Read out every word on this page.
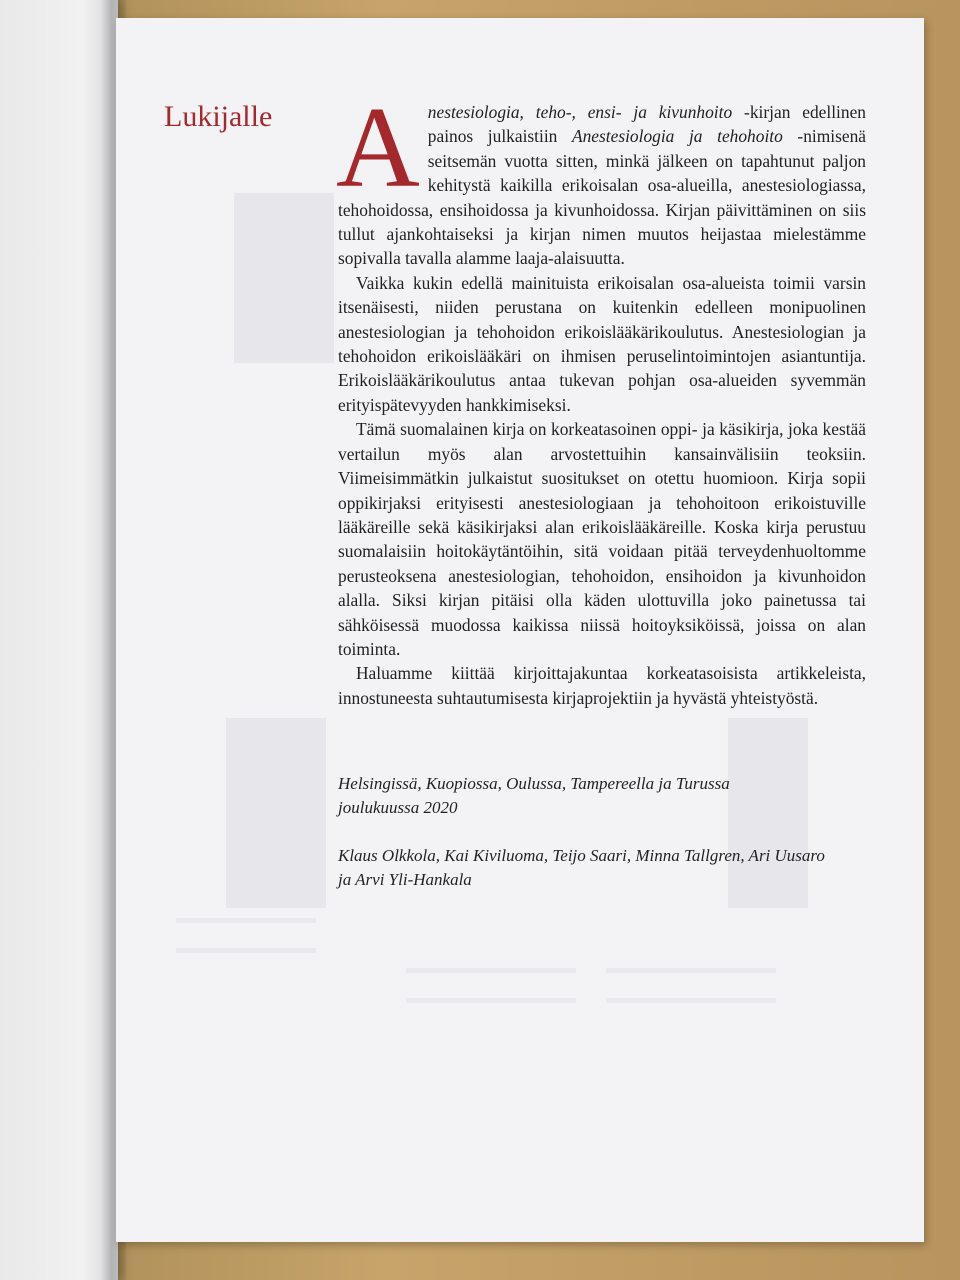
Lukijalle Anestesiologia, teho-, ensi- ja kivunhoito -kirjan edellinen painos julkaistiin Anestesiologia ja tehohoito -nimisenä seitsemän vuotta sitten, minkä jälkeen on tapahtunut paljon kehitystä kaikilla erikoisalan osa-alueilla, anestesiologiassa, tehohoidossa, ensihoidossa ja kivunhoidossa. Kirjan päivittäminen on siis tullut ajankohtaiseksi ja kirjan nimen muutos heijastaa mielestämme sopivalla tavalla alamme laaja-alaisuutta.

Vaikka kukin edellä mainituista erikoisalan osa-alueista toimii varsin itsenäisesti, niiden perustana on kuitenkin edelleen monipuolinen anestesiologian ja tehohoidon erikoislääkärikoulutus. Anestesiologian ja tehohoidon erikoislääkäri on ihmisen peruselintoimintojen asiantuntija. Erikoislääkärikoulutus antaa tukevan pohjan osa-alueiden syvemmän erityispätevyyden hankkimiseksi.

Tämä suomalainen kirja on korkeatasoinen oppi- ja käsikirja, joka kestää vertailun myös alan arvostettuihin kansainvälisiin teoksiin. Viimeisimmätkin julkaistut suositukset on otettu huomioon. Kirja sopii oppikirjaksi erityisesti anestesiologiaan ja tehohoitoon erikoistuville lääkäreille sekä käsikirjaksi alan erikoislääkäreille. Koska kirja perustuu suomalaisiin hoitokäytäntöihin, sitä voidaan pitää terveydenhuoltomme perusteoksena anestesiologian, tehohoidon, ensihoidon ja kivunhoidon alalla. Siksi kirjan pitäisi olla käden ulottuvilla joko painetussa tai sähköisessä muodossa kaikissa niissä hoitoyksiköissä, joissa on alan toiminta.

Haluamme kiittää kirjoittajakuntaa korkeatasoisista artikkeleista, innostuneesta suhtautumisesta kirjaprojektiin ja hyvästä yhteistyöstä.

Helsingissä, Kuopiossa, Oulussa, Tampereella ja Turussa

joulukuussa 2020

Klaus Olkkola, Kai Kiviluoma, Teijo Saari, Minna Tallgren, Ari Uusaro

ja Arvi Yli-Hankala
